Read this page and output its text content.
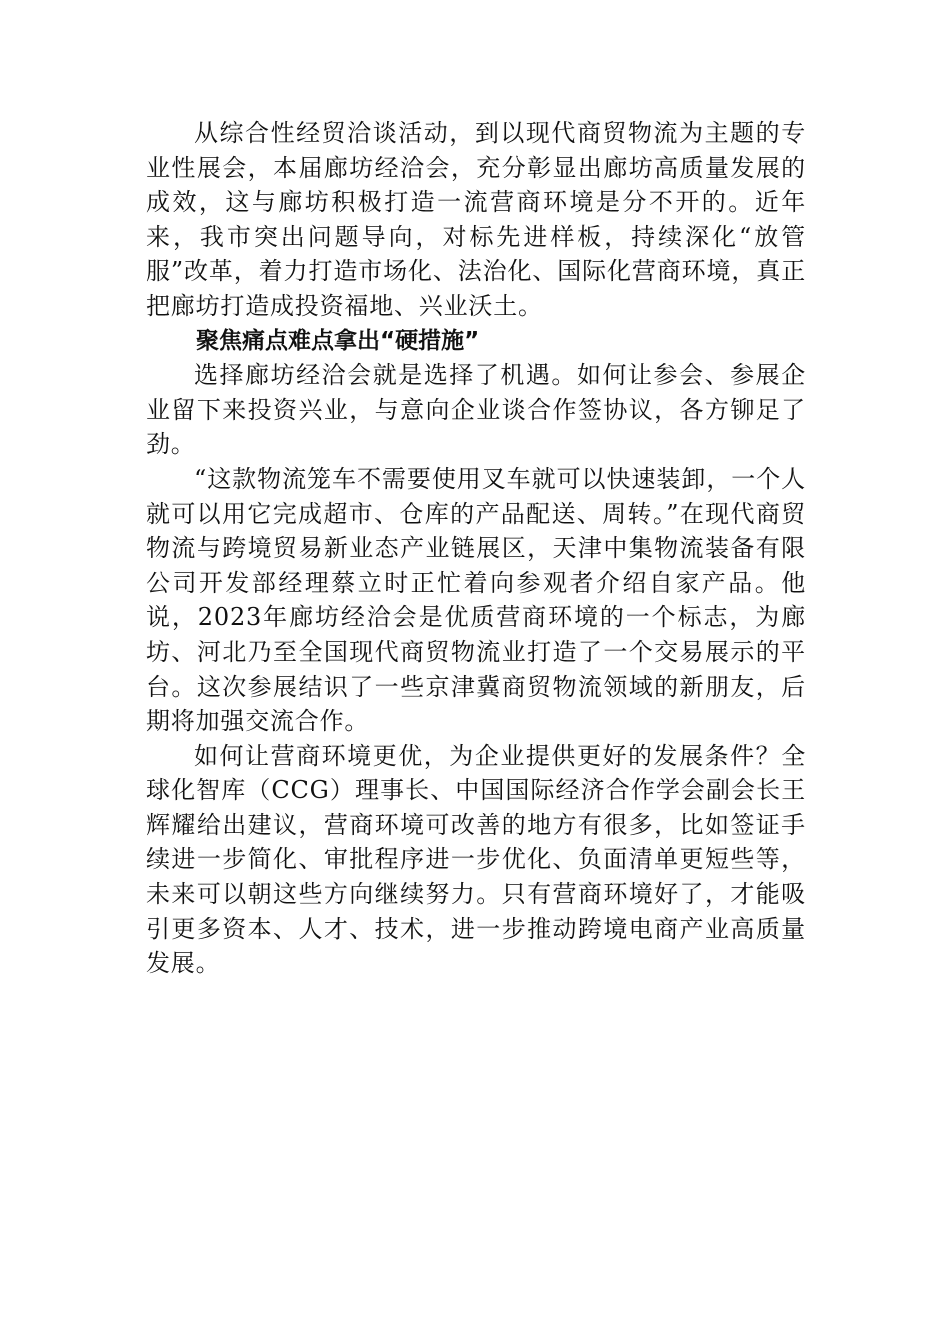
从综合性经贸洽谈活动，到以现代商贸物流为主题的专业性展会，本届廊坊经洽会，充分彰显出廊坊高质量发展的成效，这与廊坊积极打造一流营商环境是分不开的。近年来，我市突出问题导向，对标先进样板，持续深化“放管服”改革，着力打造市场化、法治化、国际化营商环境，真正把廊坊打造成投资福地、兴业沃土。

聚焦痛点难点拿出“硬措施”

选择廊坊经洽会就是选择了机遇。如何让参会、参展企业留下来投资兴业，与意向企业谈合作签协议，各方铆足了劲。

“这款物流笼车不需要使用叉车就可以快速装卸，一个人就可以用它完成超市、仓库的产品配送、周转。”在现代商贸物流与跨境贸易新业态产业链展区，天津中集物流装备有限公司开发部经理蔡立时正忙着向参观者介绍自家产品。他说，2023年廊坊经洽会是优质营商环境的一个标志，为廊坊、河北乃至全国现代商贸物流业打造了一个交易展示的平台。这次参展结识了一些京津冀商贸物流领域的新朋友，后期将加强交流合作。

如何让营商环境更优，为企业提供更好的发展条件？全球化智库（CCG）理事长、中国国际经济合作学会副会长王辉耀给出建议，营商环境可改善的地方有很多，比如签证手续进一步简化、审批程序进一步优化、负面清单更短些等，未来可以朝这些方向继续努力。只有营商环境好了，才能吸引更多资本、人才、技术，进一步推动跨境电商产业高质量发展。
